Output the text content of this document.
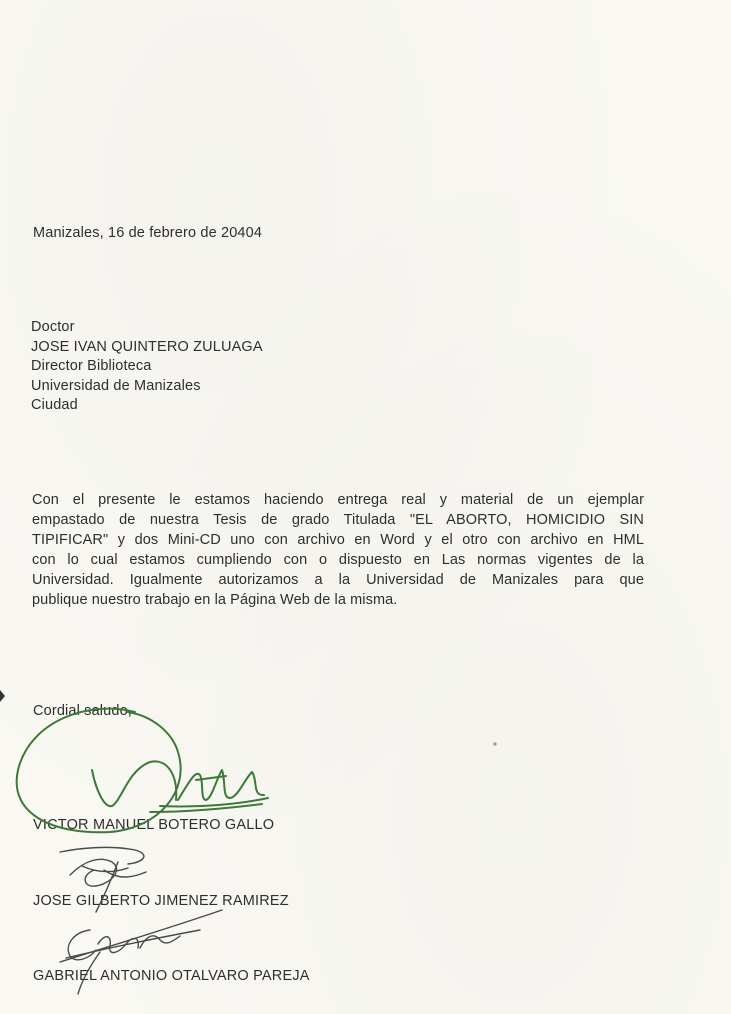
Manizales, 16 de febrero de 20404
Doctor
JOSE IVAN QUINTERO ZULUAGA
Director Biblioteca
Universidad de Manizales
Ciudad
Con el presente le estamos haciendo entrega real y material de un ejemplar
empastado de nuestra Tesis de grado Titulada "EL ABORTO, HOMICIDIO SIN
TIPIFICAR" y dos Mini-CD uno con archivo en Word y el otro con archivo en HML
con lo cual estamos cumpliendo con o dispuesto en Las normas vigentes de la
Universidad. Igualmente autorizamos a la Universidad de Manizales para que
publique nuestro trabajo en la Página Web de la misma.
Cordial saludo,
VICTOR MANUEL BOTERO GALLO
JOSE GILBERTO JIMENEZ RAMIREZ
GABRIEL ANTONIO OTALVARO PAREJA
